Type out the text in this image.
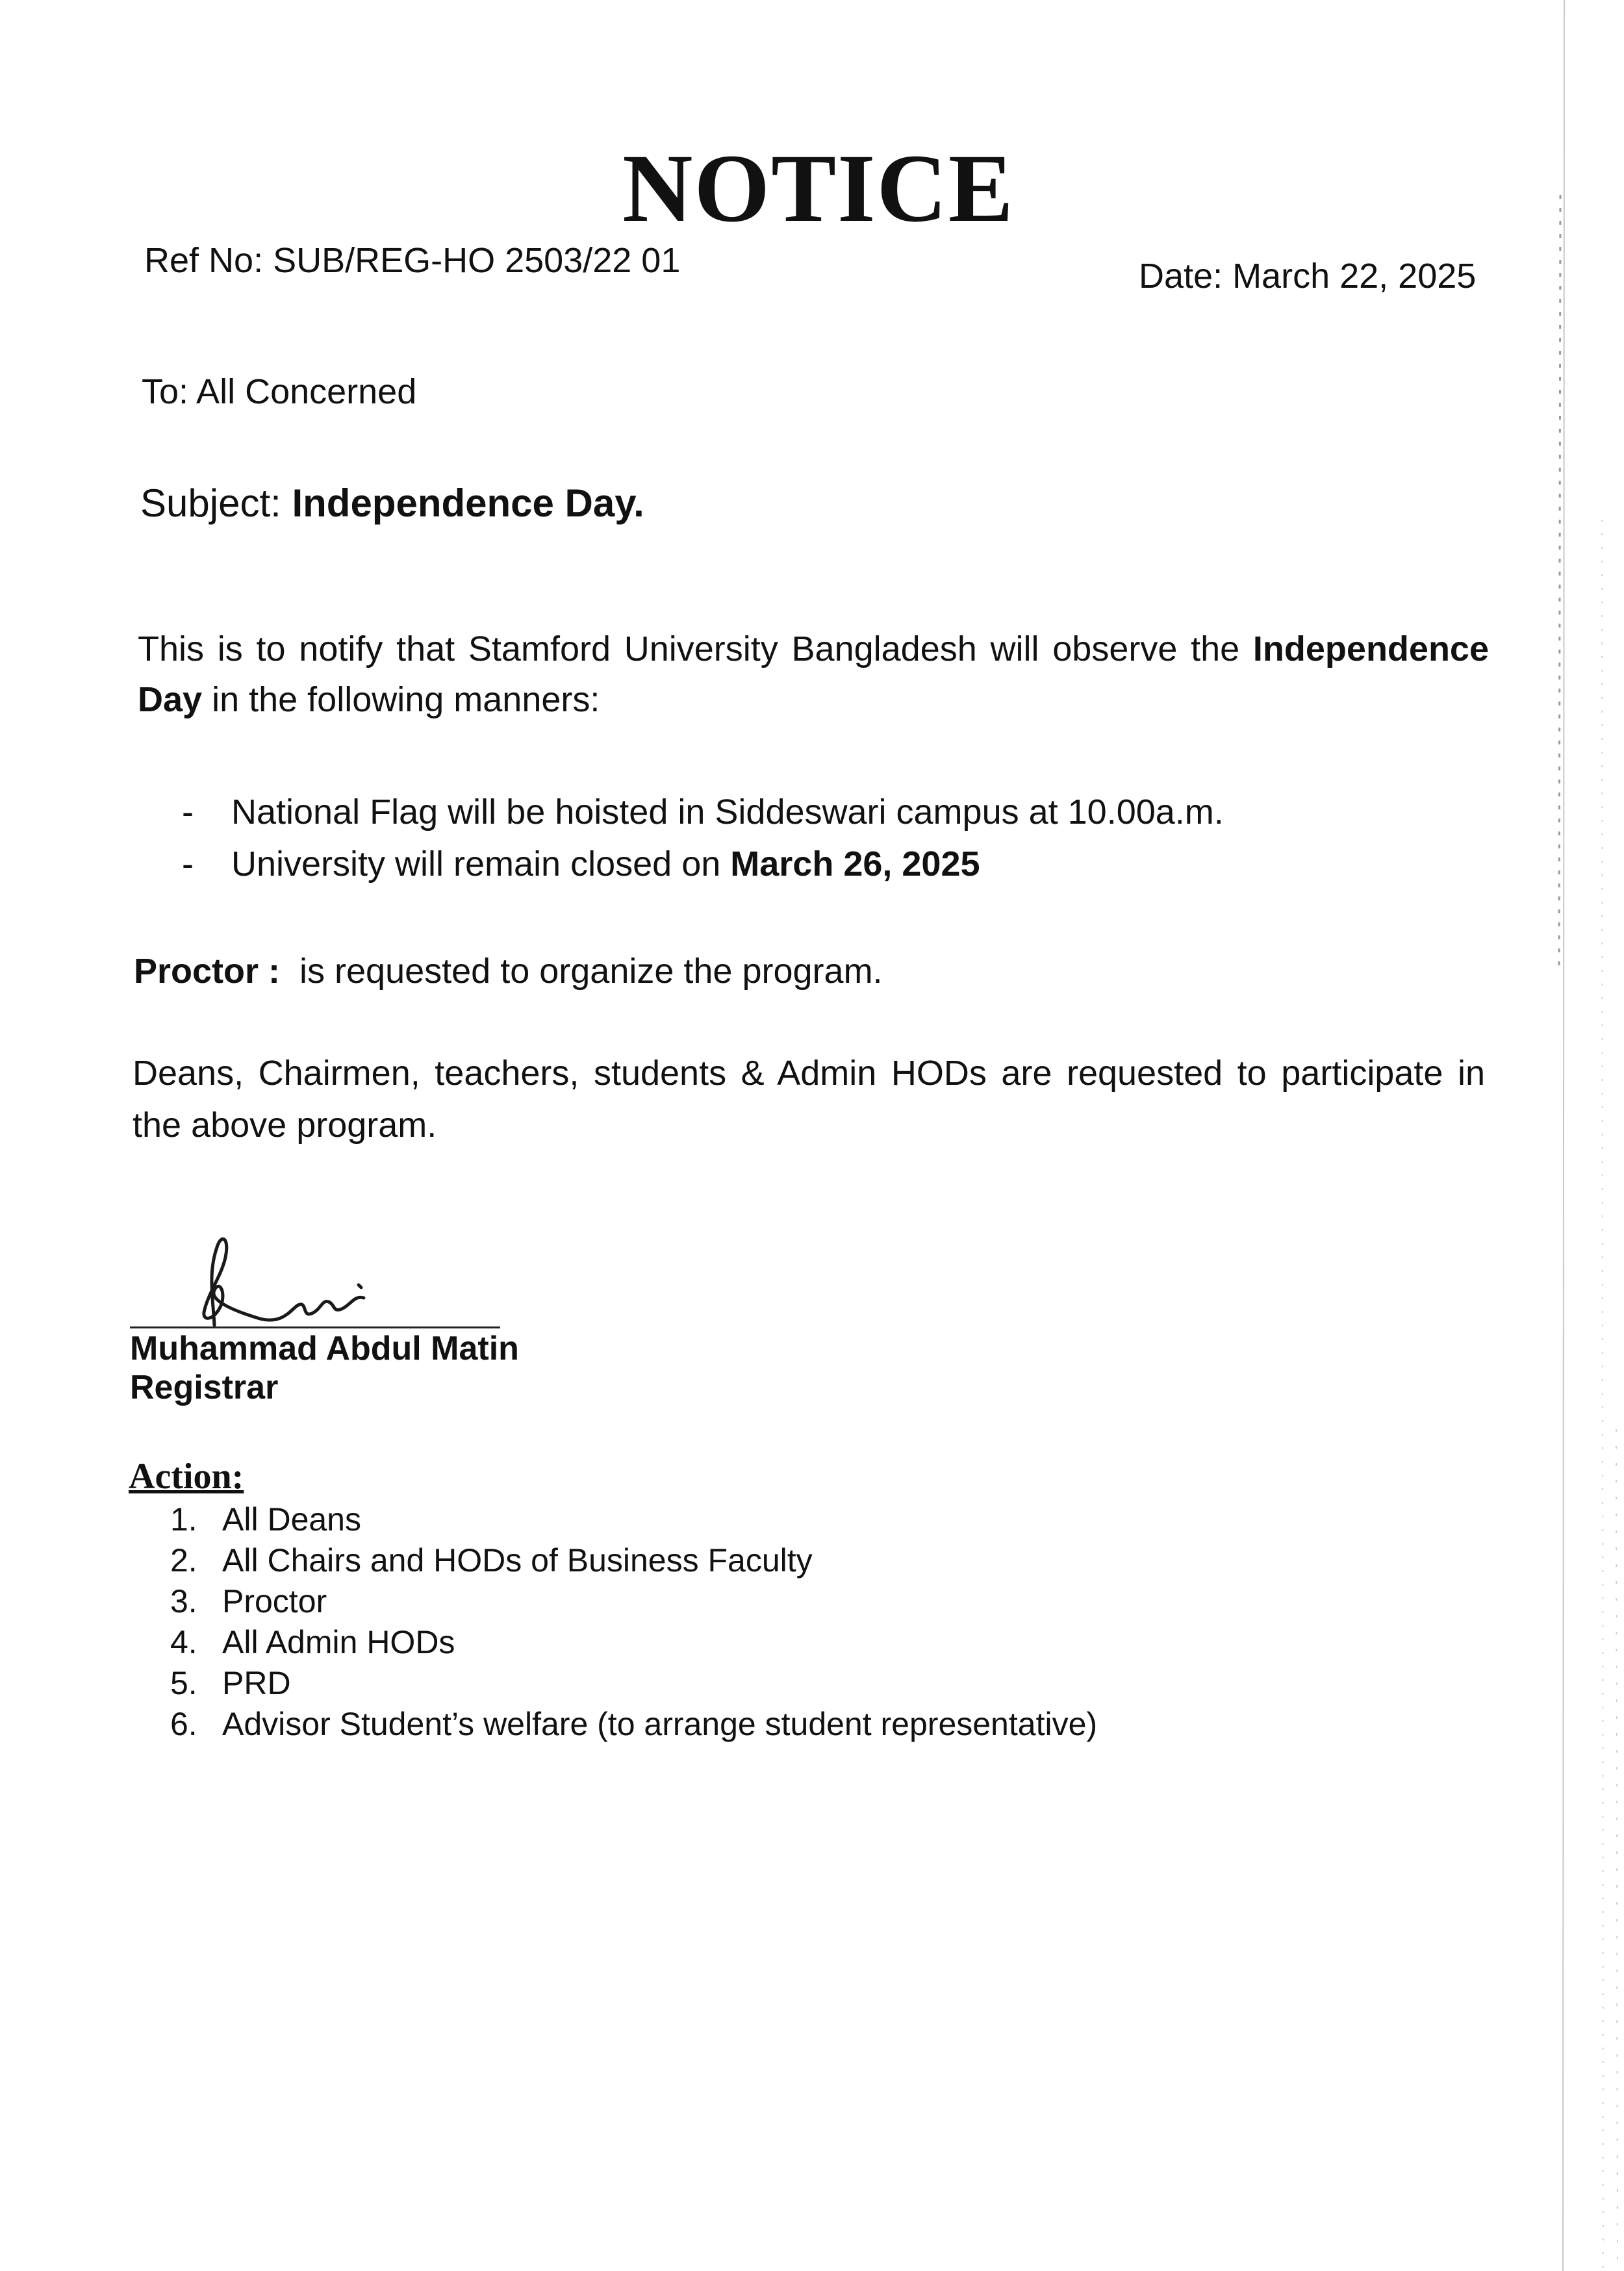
NOTICE
Ref No: SUB/REG-HO 2503/22 01	Date: March 22, 2025
To: All Concerned
Subject: Independence Day.
This is to notify that Stamford University Bangladesh will observe the Independence Day in the following manners:
-	National Flag will be hoisted in Siddeswari campus at 10.00a.m.
-	University will remain closed on March 26, 2025
Proctor :  is requested to organize the program.
Deans, Chairmen, teachers, students & Admin HODs are requested to participate in the above program.
Muhammad Abdul Matin
Registrar
Action:
1. All Deans
2. All Chairs and HODs of Business Faculty
3. Proctor
4. All Admin HODs
5. PRD
6. Advisor Student’s welfare (to arrange student representative)
